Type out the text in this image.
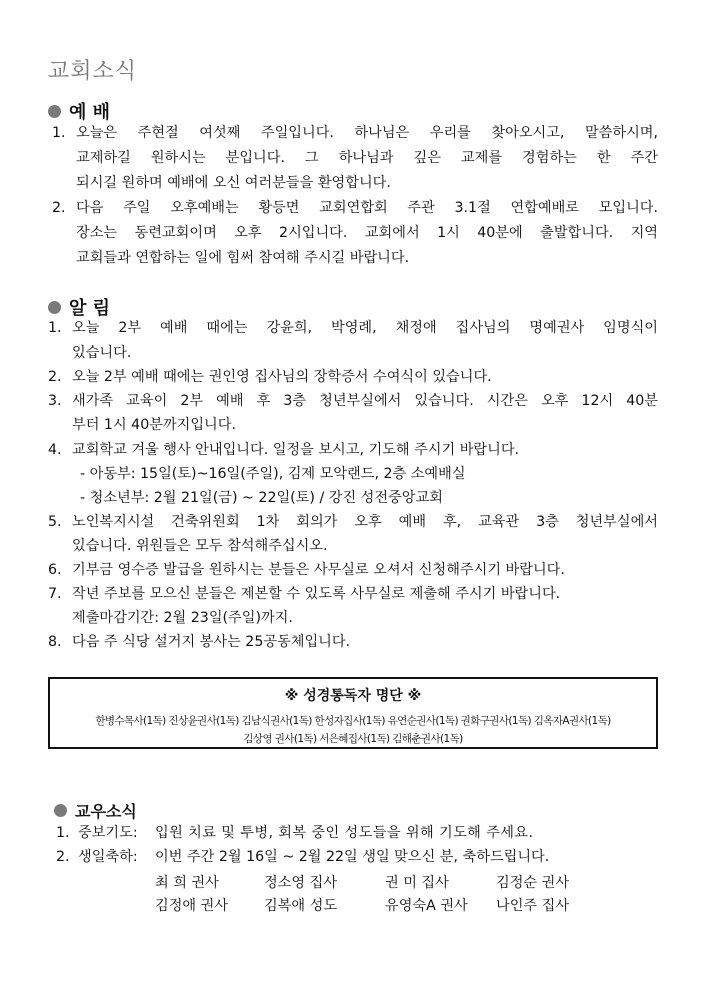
교회소식
예 배
1. 오늘은 주현절 여섯째 주일입니다. 하나님은 우리를 찾아오시고, 말씀하시며,
교제하길 원하시는 분입니다. 그 하나님과 깊은 교제를 경험하는 한 주간
되시길 원하며 예배에 오신 여러분들을 환영합니다.
2. 다음 주일 오후예배는 황등면 교회연합회 주관 3.1절 연합예배로 모입니다.
장소는 동련교회이며 오후 2시입니다. 교회에서 1시 40분에 출발합니다. 지역
교회들과 연합하는 일에 힘써 참여해 주시길 바랍니다.
알 림
1. 오늘 2부 예배 때에는 강윤희, 박영례, 채정애 집사님의 명예권사 임명식이
있습니다.
2. 오늘 2부 예배 때에는 권인영 집사님의 장학증서 수여식이 있습니다.
3. 새가족 교육이 2부 예배 후 3층 청년부실에서 있습니다. 시간은 오후 12시 40분
부터 1시 40분까지입니다.
4. 교회학교 겨울 행사 안내입니다. 일정을 보시고, 기도해 주시기 바랍니다.
- 아동부: 15일(토)~16일(주일), 김제 모악랜드, 2층 소예배실
- 청소년부: 2월 21일(금) ~ 22일(토) / 강진 성전중앙교회
5. 노인복지시설 건축위원회 1차 회의가 오후 예배 후, 교육관 3층 청년부실에서
있습니다. 위원들은 모두 참석해주십시오.
6. 기부금 영수증 발급을 원하시는 분들은 사무실로 오셔서 신청해주시기 바랍니다.
7. 작년 주보를 모으신 분들은 제본할 수 있도록 사무실로 제출해 주시기 바랍니다.
제출마감기간: 2월 23일(주일)까지.
8. 다음 주 식당 설거지 봉사는 25공동체입니다.
※ 성경통독자 명단 ※
한병수목사(1독) 진상윤권사(1독) 김남식권사(1독) 한성자집사(1독) 유연순권사(1독) 권화구권사(1독) 김옥자A권사(1독)
김상영 권사(1독) 서은혜집사(1독) 김해춘권사(1독)
교우소식
1. 중보기도: 입원 치료 및 투병, 회복 중인 성도들을 위해 기도해 주세요.
2. 생일축하: 이번 주간 2월 16일 ~ 2월 22일 생일 맞으신 분, 축하드립니다.
최 희 권사	정소영 집사	권 미 집사	김정순 권사
김정애 권사	김복애 성도	유영숙A 권사 나인주 집사
